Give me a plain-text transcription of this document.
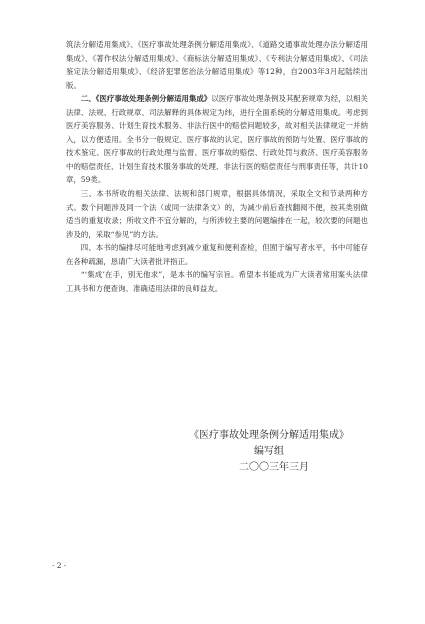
筑法分解适用集成》、《医疗事故处理条例分解适用集成》、《道路交通事故处理办法分解适用集成》、《著作权法分解适用集成》、《商标法分解适用集成》、《专利法分解适用集成》、《司法鉴定法分解适用集成》、《经济犯罪惩治法分解适用集成》等12种，自2003年3月起陆续出版。

二、《医疗事故处理条例分解适用集成》以医疗事故处理条例及其配套规章为经，以相关法律、法规、行政规章、司法解释的具体规定为纬，进行全面系统的分解适用集成。考虑到医疗美容服务、计划生育技术服务、非法行医中的赔偿问题较多，故对相关法律规定一并纳入，以方便适用。全书分一般规定、医疗事故的认定、医疗事故的预防与处置、医疗事故的技术鉴定、医疗事故的行政处理与监督、医疗事故的赔偿、行政处罚与救济、医疗美容服务中的赔偿责任、计划生育技术服务事故的处理、非法行医的赔偿责任与刑事责任等，共计10章，59类。

三、本书所收的相关法律、法规和部门规章，根据具体情况，采取全文和节录两种方式。数个问题涉及同一个法（或同一法律条文）的，为减少前后查找翻阅不便，按其类别做适当的重复收录；所收文件不宜分解的，与所涉较主要的问题编排在一起，较次要的问题也涉及的，采取“参见”的方法。

四、本书的编排尽可能地考虑到减少重复和便利查检，但囿于编写者水平，书中可能存在各种疏漏，恳请广大读者批评指正。

“‘集成’在手，别无他求”，是本书的编写宗旨。希望本书能成为广大读者常用案头法律工具书和方便查询、准确适用法律的良师益友。

《医疗事故处理条例分解适用集成》
编写组
二〇〇三年三月
· 2 ·
